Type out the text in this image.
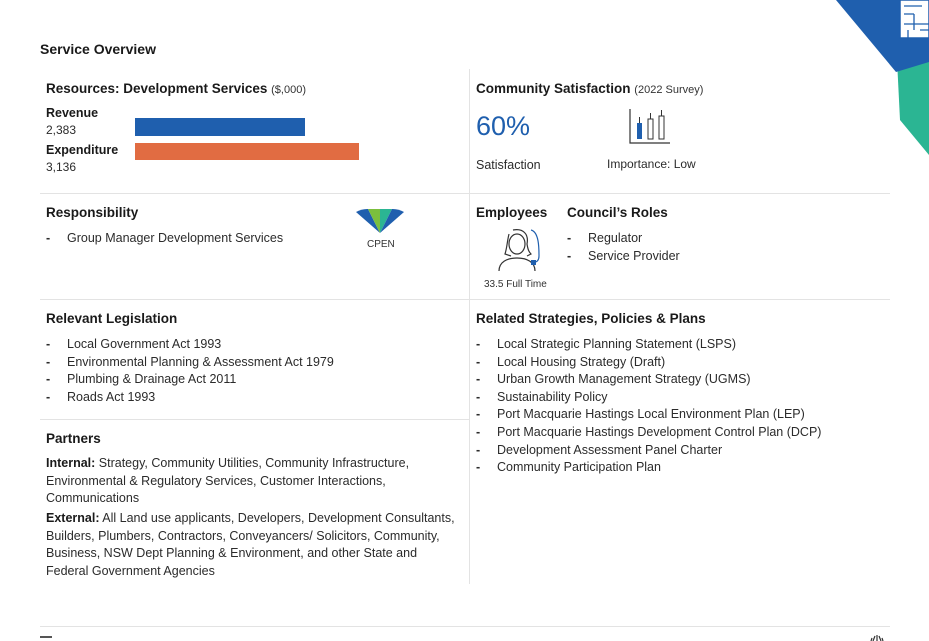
Service Overview
Resources: Development Services ($,000)
Revenue
2,383
Expenditure
3,136
Community Satisfaction (2022 Survey)
60%
Satisfaction	Importance: Low
Responsibility
- Group Manager Development Services	CPEN
Employees
33.5 Full Time
Council’s Roles
- Regulator
- Service Provider
Relevant Legislation
- Local Government Act 1993
- Environmental Planning & Assessment Act 1979
- Plumbing & Drainage Act 2011
- Roads Act 1993
Related Strategies, Policies & Plans
- Local Strategic Planning Statement (LSPS)
- Local Housing Strategy (Draft)
- Urban Growth Management Strategy (UGMS)
- Sustainability Policy
- Port Macquarie Hastings Local Environment Plan (LEP)
- Port Macquarie Hastings Development Control Plan (DCP)
- Development Assessment Panel Charter
- Community Participation Plan
Partners
Internal: Strategy, Community Utilities, Community Infrastructure, Environmental & Regulatory Services, Customer Interactions, Communications
External: All Land use applicants, Developers, Development Consultants, Builders, Plumbers, Contractors, Conveyancers/ Solicitors, Community, Business, NSW Dept Planning & Environment, and other State and Federal Government Agencies
